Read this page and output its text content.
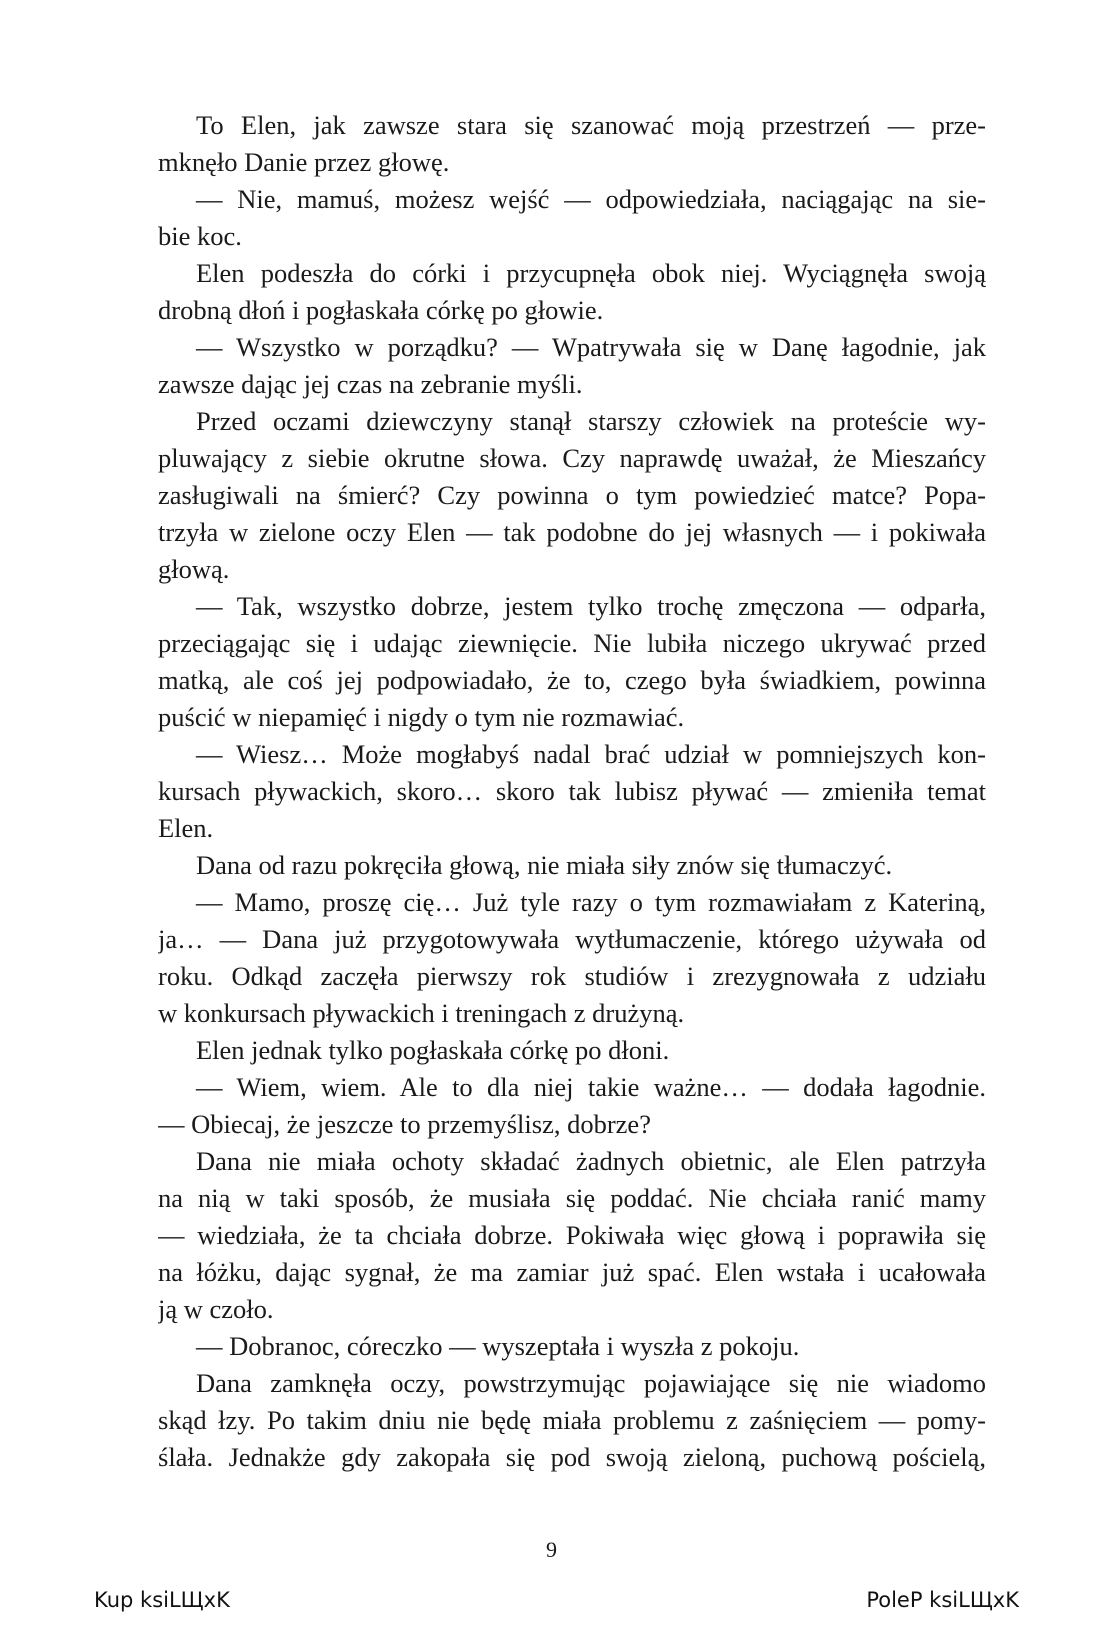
To Elen, jak zawsze stara się szanować moją przestrzeń — prze-
mknęło Danie przez głowę.
— Nie, mamuś, możesz wejść — odpowiedziała, naciągając na sie-
bie koc.
Elen podeszła do córki i przycupnęła obok niej. Wyciągnęła swoją
drobną dłoń i pogłaskała córkę po głowie.
— Wszystko w porządku? — Wpatrywała się w Danę łagodnie, jak
zawsze dając jej czas na zebranie myśli.
Przed oczami dziewczyny stanął starszy człowiek na proteście wy-
pluwający z siebie okrutne słowa. Czy naprawdę uważał, że Mieszańcy
zasługiwali na śmierć? Czy powinna o tym powiedzieć matce? Popa-
trzyła w zielone oczy Elen — tak podobne do jej własnych — i pokiwała
głową.
— Tak, wszystko dobrze, jestem tylko trochę zmęczona — odparła,
przeciągając się i udając ziewnięcie. Nie lubiła niczego ukrywać przed
matką, ale coś jej podpowiadało, że to, czego była świadkiem, powinna
puścić w niepamięć i nigdy o tym nie rozmawiać.
— Wiesz… Może mogłabyś nadal brać udział w pomniejszych kon-
kursach pływackich, skoro… skoro tak lubisz pływać — zmieniła temat
Elen.
Dana od razu pokręciła głową, nie miała siły znów się tłumaczyć.
— Mamo, proszę cię… Już tyle razy o tym rozmawiałam z Kateriną,
ja… — Dana już przygotowywała wytłumaczenie, którego używała od
roku. Odkąd zaczęła pierwszy rok studiów i zrezygnowała z udziału
w konkursach pływackich i treningach z drużyną.
Elen jednak tylko pogłaskała córkę po dłoni.
— Wiem, wiem. Ale to dla niej takie ważne… — dodała łagodnie.
— Obiecaj, że jeszcze to przemyślisz, dobrze?
Dana nie miała ochoty składać żadnych obietnic, ale Elen patrzyła
na nią w taki sposób, że musiała się poddać. Nie chciała ranić mamy
— wiedziała, że ta chciała dobrze. Pokiwała więc głową i poprawiła się
na łóżku, dając sygnał, że ma zamiar już spać. Elen wstała i ucałowała
ją w czoło.
— Dobranoc, córeczko — wyszeptała i wyszła z pokoju.
Dana zamknęła oczy, powstrzymując pojawiające się nie wiadomo
skąd łzy. Po takim dniu nie będę miała problemu z zaśnięciem — pomy-
ślała. Jednakże gdy zakopała się pod swoją zieloną, puchową pościelą,
9
Kup ksiLЩxK	PoleP ksiLЩxK
